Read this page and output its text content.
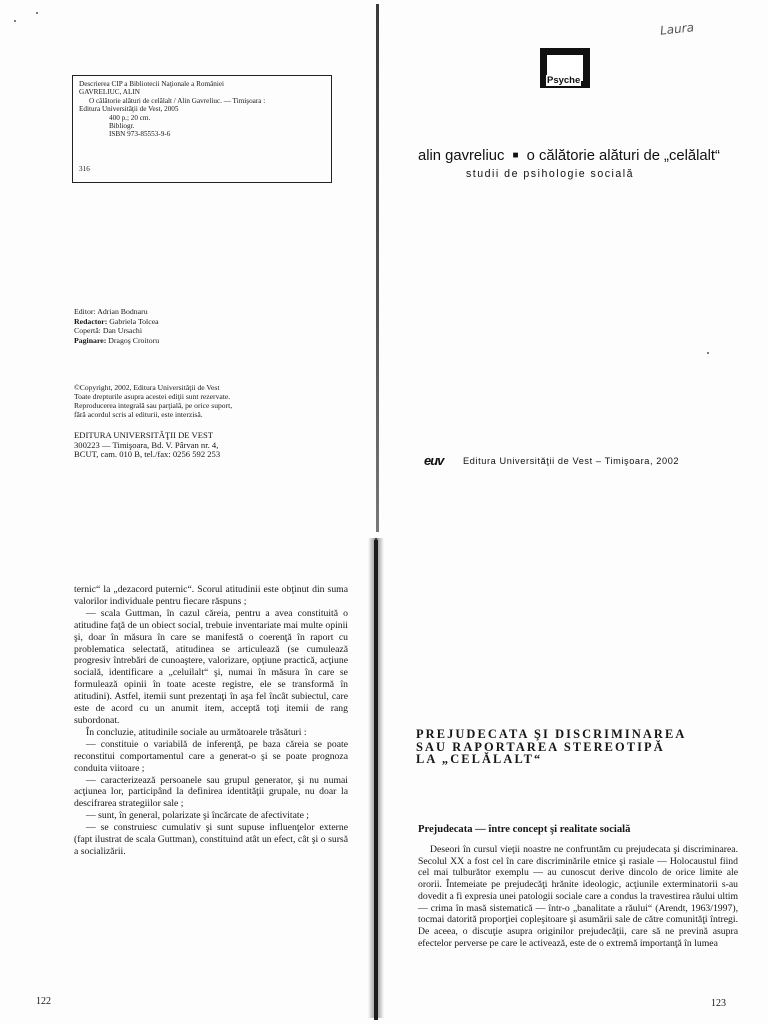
Descrierea CIP a Bibliotecii Naţionale a României
GAVRELIUC, ALIN
O călătorie alături de celălalt / Alin Gavreliuc. — Timişoara :
Editura Universităţii de Vest, 2005
400 p.; 20 cm.
Bibliogr.
ISBN 973-85553-9-6
316
Editor: Adrian Bodnaru
Redactor: Gabriela Tolcea
Copertă: Dan Ursachi
Paginare: Dragoş Croitoru
©Copyright, 2002, Editura Universităţii de Vest
Toate drepturile asupra acestei ediţii sunt rezervate.
Reproducerea integrală sau parţială, pe orice suport,
fără acordul scris al editurii, este interzisă.
EDITURA UNIVERSITĂŢII DE VEST
300223 — Timişoara, Bd. V. Pârvan nr. 4,
BCUT, cam. 010 B, tel./fax: 0256 592 253

ternic“ la „dezacord puternic“. Scorul atitudinii este obţinut din suma valorilor individuale pentru fiecare răspuns ;

— scala Guttman, în cazul căreia, pentru a avea constituită o atitudine faţă de un obiect social, trebuie inventariate mai multe opinii şi, doar în măsura în care se manifestă o coerenţă în raport cu problematica selectată, atitudinea se articulează (se cumulează progresiv întrebări de cunoaştere, valorizare, opţiune practică, acţiune socială, identificare a „celuilalt“ şi, numai în măsura în care se formulează opinii în toate aceste registre, ele se transformă în atitudini). Astfel, itemii sunt prezentaţi în aşa fel încât subiectul, care este de acord cu un anumit item, acceptă toţi itemii de rang subordonat.

În concluzie, atitudinile sociale au următoarele trăsături :

— constituie o variabilă de inferenţă, pe baza căreia se poate reconstitui comportamentul care a generat-o şi se poate prognoza conduita viitoare ;

— caracterizează persoanele sau grupul generator, şi nu numai acţiunea lor, participând la definirea identităţii grupale, nu doar la descifrarea strategiilor sale ;

— sunt, în general, polarizate şi încărcate de afectivitate ;

— se construiesc cumulativ şi sunt supuse influenţelor externe (fapt ilustrat de scala Guttman), constituind atât un efect, cât şi o sursă a socializării.

122
Laura
Psyche
alin gavreliuc ■ o călătorie alături de „celălalt“
studii de psihologie socială
euv Editura Universităţii de Vest – Timişoara, 2002
PREJUDECATA ŞI DISCRIMINAREA
SAU RAPORTAREA STEREOTIPĂ
LA „CELĂLALT“
Prejudecata — între concept şi realitate socială

Deseori în cursul vieţii noastre ne confruntăm cu prejudecata şi discriminarea. Secolul XX a fost cel în care discriminările etnice şi rasiale — Holocaustul fiind cel mai tulburător exemplu — au cunoscut derive dincolo de orice limite ale ororii. Întemeiate pe prejudecăţi hrănite ideologic, acţiunile exterminatorii s-au dovedit a fi expresia unei patologii sociale care a condus la travestirea răului ultim — crima în masă sistematică — într-o „banalitate a răului“ (Arendt, 1963/1997), tocmai datorită proporţiei copleşitoare şi asumării sale de către comunităţi întregi. De aceea, o discuţie asupra originilor prejudecăţii, care să ne prevină asupra efectelor perverse pe care le activează, este de o extremă importanţă în lumea

123
